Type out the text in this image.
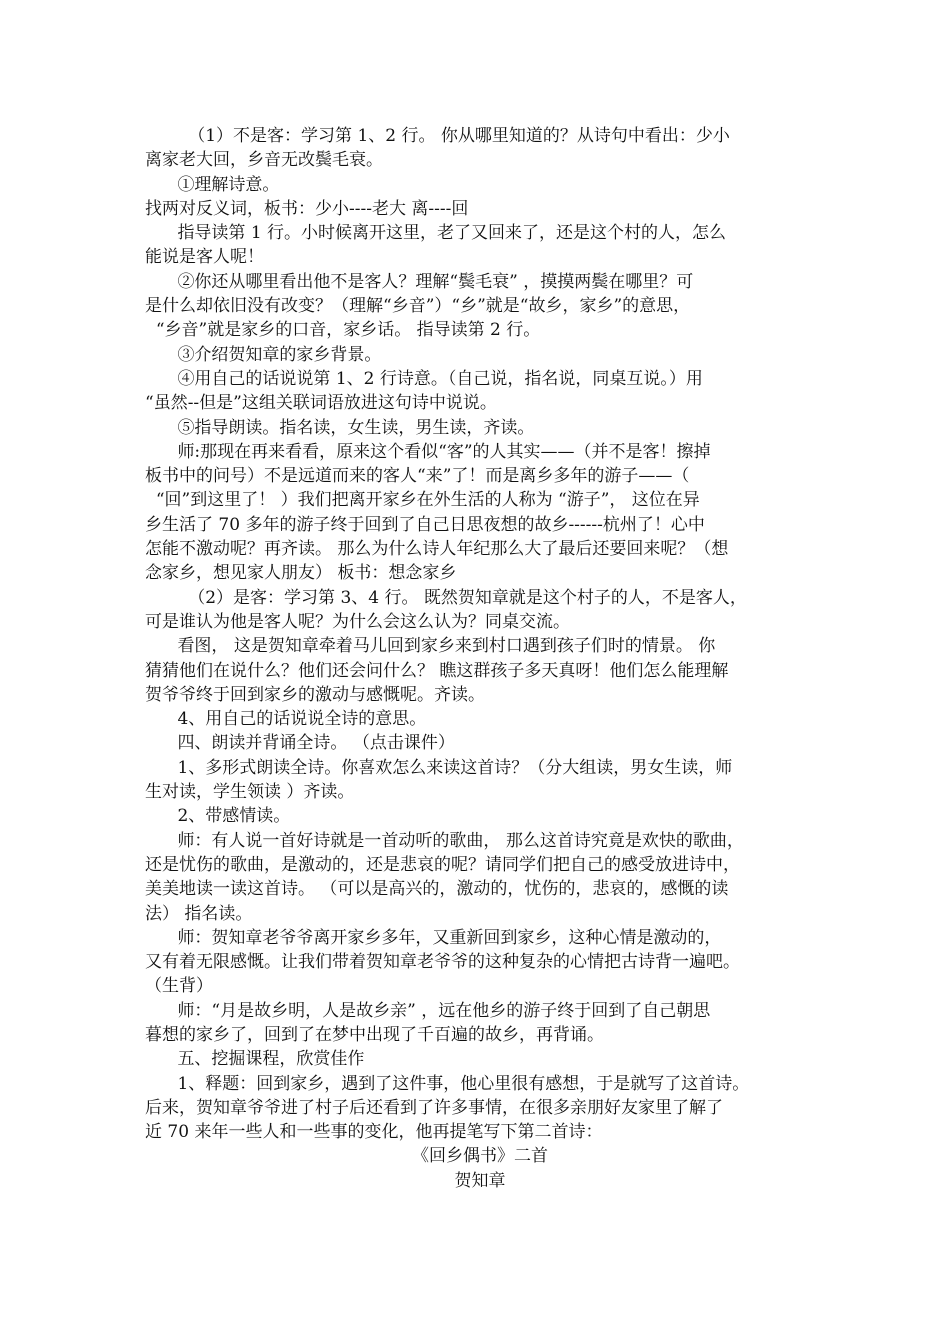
（1）不是客：学习第 1、2 行。 你从哪里知道的？从诗句中看出：少小

离家老大回，乡音无改鬓毛衰。

①理解诗意。

找两对反义词，板书：少小----老大 离----回

指导读第 1 行。小时候离开这里，老了又回来了，还是这个村的人，怎么

能说是客人呢！

②你还从哪里看出他不是客人？理解“鬓毛衰” ，摸摸两鬓在哪里？可

是什么却依旧没有改变？（理解“乡音”）“乡”就是“故乡，家乡”的意思，

“乡音”就是家乡的口音，家乡话。 指导读第 2 行。

③介绍贺知章的家乡背景。

④用自己的话说说第 1、2 行诗意。（自己说，指名说，同桌互说。）用

“虽然--但是”这组关联词语放进这句诗中说说。

⑤指导朗读。指名读，女生读，男生读，齐读。

师:那现在再来看看，原来这个看似“客”的人其实——（并不是客！擦掉

板书中的问号）不是远道而来的客人“来”了！而是离乡多年的游子——（

“回”到这里了！ ）我们把离开家乡在外生活的人称为 “游子”， 这位在异

乡生活了 70 多年的游子终于回到了自己日思夜想的故乡------杭州了！心中

怎能不激动呢？再齐读。 那么为什么诗人年纪那么大了最后还要回来呢？（想

念家乡，想见家人朋友） 板书：想念家乡

（2）是客：学习第 3、4 行。 既然贺知章就是这个村子的人，不是客人，

可是谁认为他是客人呢？为什么会这么认为？同桌交流。

看图， 这是贺知章牵着马儿回到家乡来到村口遇到孩子们时的情景。 你

猜猜他们在说什么？他们还会问什么？ 瞧这群孩子多天真呀！他们怎么能理解

贺爷爷终于回到家乡的激动与感慨呢。齐读。

4、用自己的话说说全诗的意思。

四、朗读并背诵全诗。 （点击课件）

1、多形式朗读全诗。你喜欢怎么来读这首诗？（分大组读，男女生读，师

生对读，学生领读 ）齐读。

2、带感情读。

师：有人说一首好诗就是一首动听的歌曲， 那么这首诗究竟是欢快的歌曲，

还是忧伤的歌曲，是激动的，还是悲哀的呢？请同学们把自己的感受放进诗中，

美美地读一读这首诗。 （可以是高兴的，激动的，忧伤的，悲哀的，感慨的读

法） 指名读。

师：贺知章老爷爷离开家乡多年，又重新回到家乡，这种心情是激动的，

又有着无限感慨。让我们带着贺知章老爷爷的这种复杂的心情把古诗背一遍吧。

（生背）

师：“月是故乡明，人是故乡亲” ，远在他乡的游子终于回到了自己朝思

暮想的家乡了，回到了在梦中出现了千百遍的故乡，再背诵。

五、挖掘课程，欣赏佳作

1、释题：回到家乡，遇到了这件事，他心里很有感想，于是就写了这首诗。

后来，贺知章爷爷进了村子后还看到了许多事情，在很多亲朋好友家里了解了

近 70 来年一些人和一些事的变化，他再提笔写下第二首诗：

《回乡偶书》二首

贺知章
